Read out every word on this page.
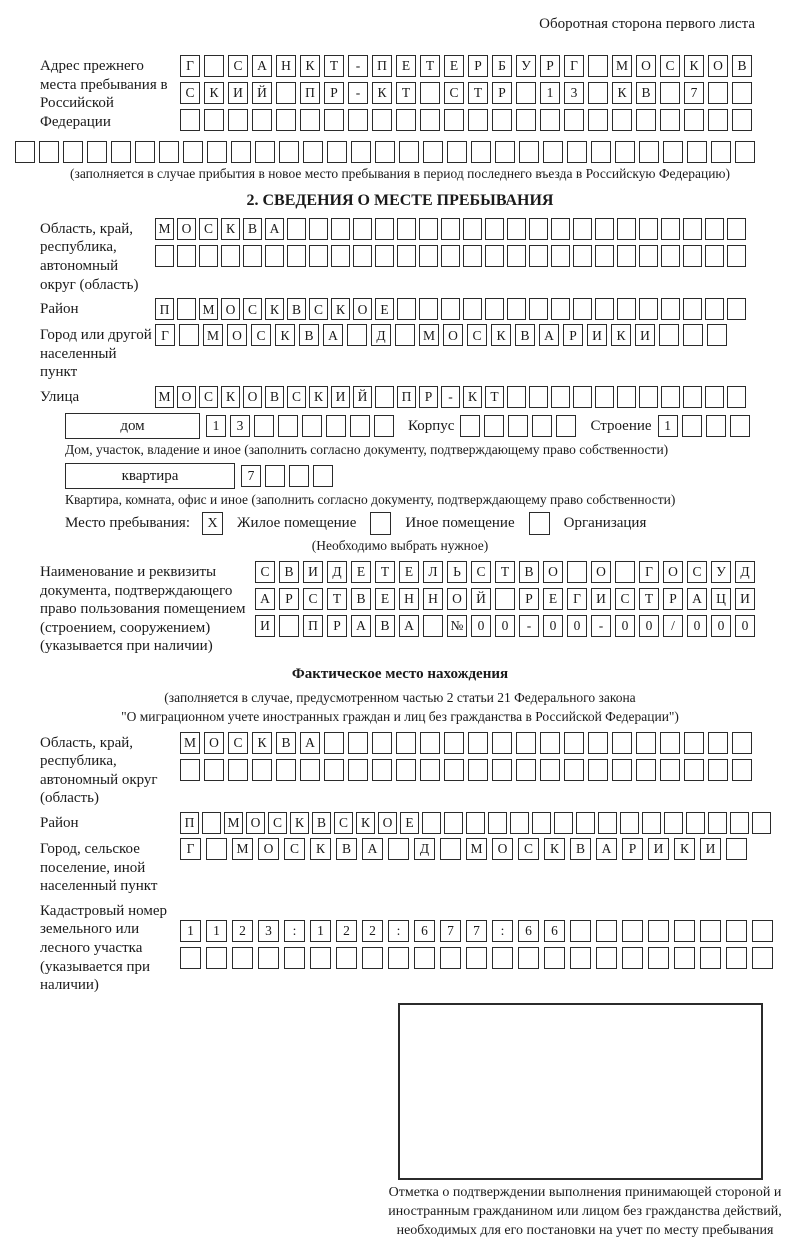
Оборотная сторона первого листа
Адрес прежнего места пребывания в Российской Федерации
Г	С	А	Н	К	Т	-	П	Е	Т	Е	Р	Б	У	Р	Г	М О	С	К	О	В
С	К	И	Й	П	Р	-	К	Т	С	Т	Р	1	3	К	В	7
(заполняется в случае прибытия в новое место пребывания в период последнего въезда в Российскую Федерацию)
2. СВЕДЕНИЯ О МЕСТЕ ПРЕБЫВАНИЯ
Область, край, республика, автономный округ (область)
М О С К В А
Район	П	М О С К В С К О Е
Город или другой населенный пункт
Г	М О	С	К	В	А	Д	М О	С	К	В	А	Р	И	К	И
Улица	М О С К О В С К И Й	П Р	-	К Т
дом	1	3	Корпус	Строение 1
Дом, участок, владение и иное (заполнить согласно документу, подтверждающему право собственности)
квартира	7
Квартира, комната, офис и иное (заполнить согласно документу, подтверждающему право собственности)
Место пребывания:	X	Жилое помещение	Иное помещение	Организация
(Необходимо выбрать нужное)
Наименование и реквизиты документа, подтверждающего право пользования помещением (строением, сооружением) (указывается при наличии)
С	В	И	Д	Е	Т	Е	Л	Ь	С	Т	В	О	О	Г	О	С	У	Д
А	Р	С	Т	В	Е	Н	Н	О	Й	Р	Е	Г	И	С	Т	Р	А	Ц	И
И	П	Р	А	В	А	№	0	0	-	0	0	-	0	0	/	0	0	0
Фактическое место нахождения
(заполняется в случае, предусмотренном частью 2 статьи 21 Федерального закона
"О миграционном учете иностранных граждан и лиц без гражданства в Российской Федерации")
Область, край, республика, автономный округ (область)
М О	С	К	В	А
Район	П	М О С К В С К О Е
Город, сельское поселение, иной населенный пункт
Г	М	О	С	К	В	А	Д	М	О	С	К	В	А	Р	И	К	И
Кадастровый номер земельного или лесного участка (указывается при наличии)
1	1	2	3	:	1	2	2	:	6	7	7	:	6	6
Отметка о подтверждении выполнения принимающей стороной и иностранным гражданином или лицом без гражданства действий, необходимых для его постановки на учет по месту пребывания
